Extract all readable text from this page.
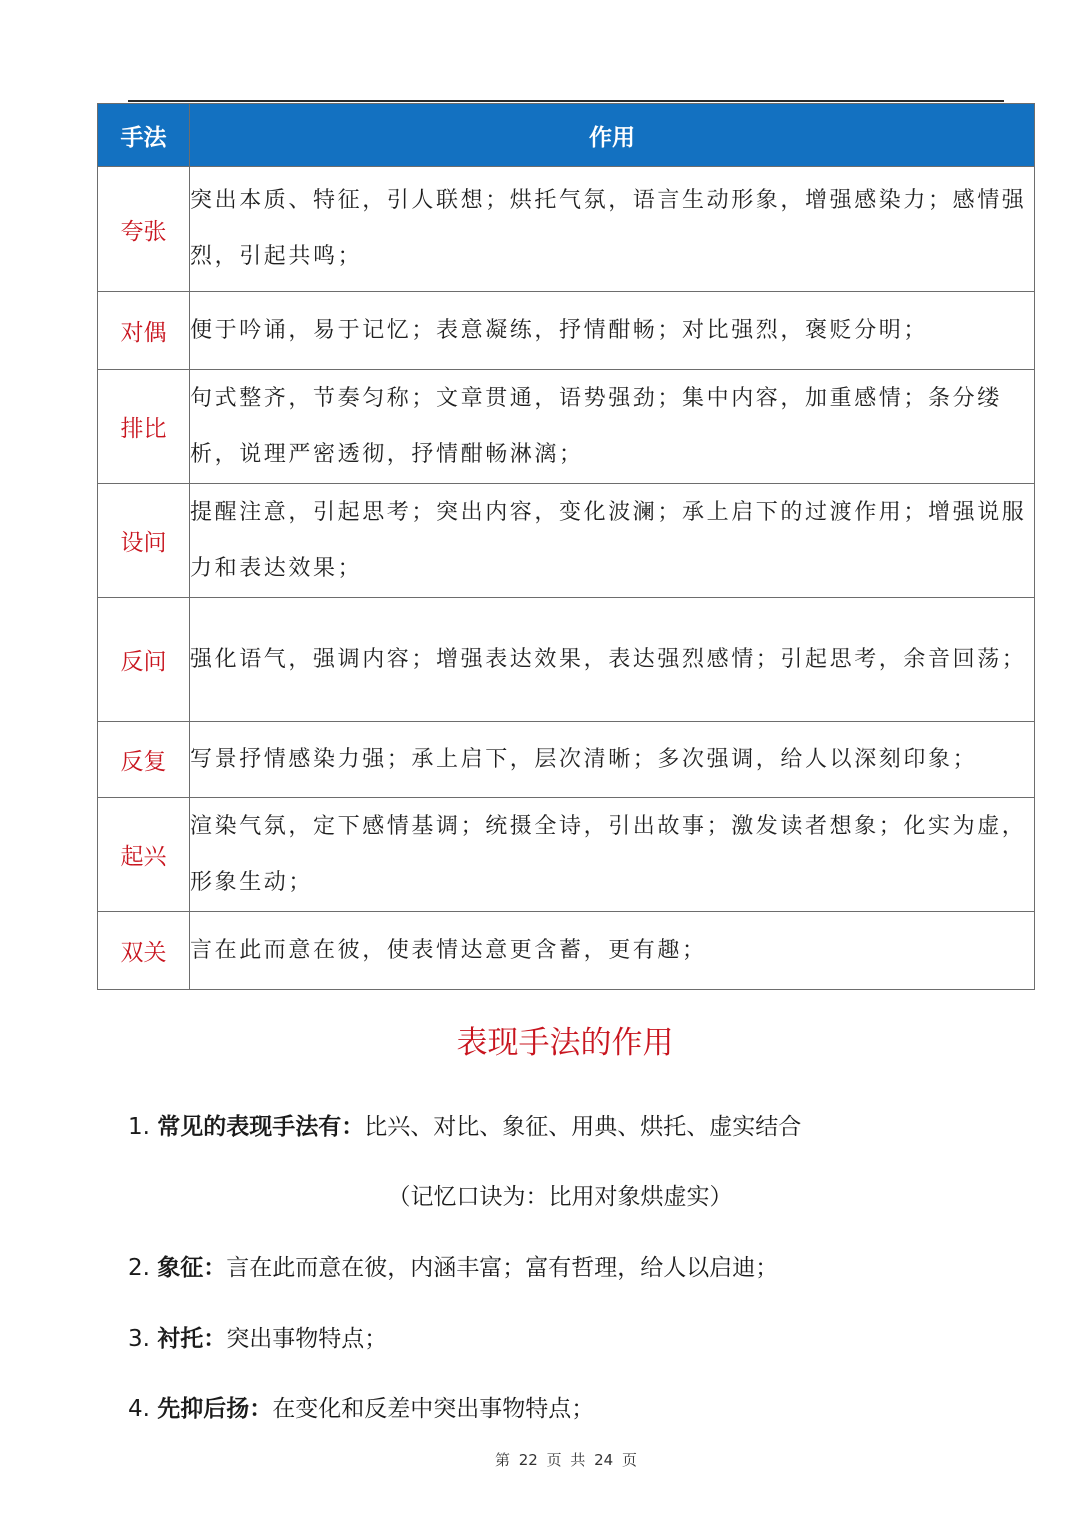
手法	作用
夸张	突出本质、特征，引人联想；烘托气氛，语言生动形象，增强感染力；感情强烈，引起共鸣；
对偶	便于吟诵，易于记忆；表意凝练，抒情酣畅；对比强烈，褒贬分明；
排比	句式整齐，节奏匀称；文章贯通，语势强劲；集中内容，加重感情；条分缕析，说理严密透彻，抒情酣畅淋漓；
设问	提醒注意，引起思考；突出内容，变化波澜；承上启下的过渡作用；增强说服力和表达效果；
反问	强化语气，强调内容；增强表达效果，表达强烈感情；引起思考，余音回荡；
反复	写景抒情感染力强；承上启下，层次清晰；多次强调，给人以深刻印象；
起兴	渲染气氛，定下感情基调；统摄全诗，引出故事；激发读者想象；化实为虚，形象生动；
双关	言在此而意在彼，使表情达意更含蓄，更有趣；
表现手法的作用
1. 常见的表现手法有：比兴、对比、象征、用典、烘托、虚实结合
（记忆口诀为：比用对象烘虚实）
2. 象征：言在此而意在彼，内涵丰富；富有哲理，给人以启迪；
3. 衬托：突出事物特点；
4. 先抑后扬：在变化和反差中突出事物特点；
第 22 页 共 24 页
